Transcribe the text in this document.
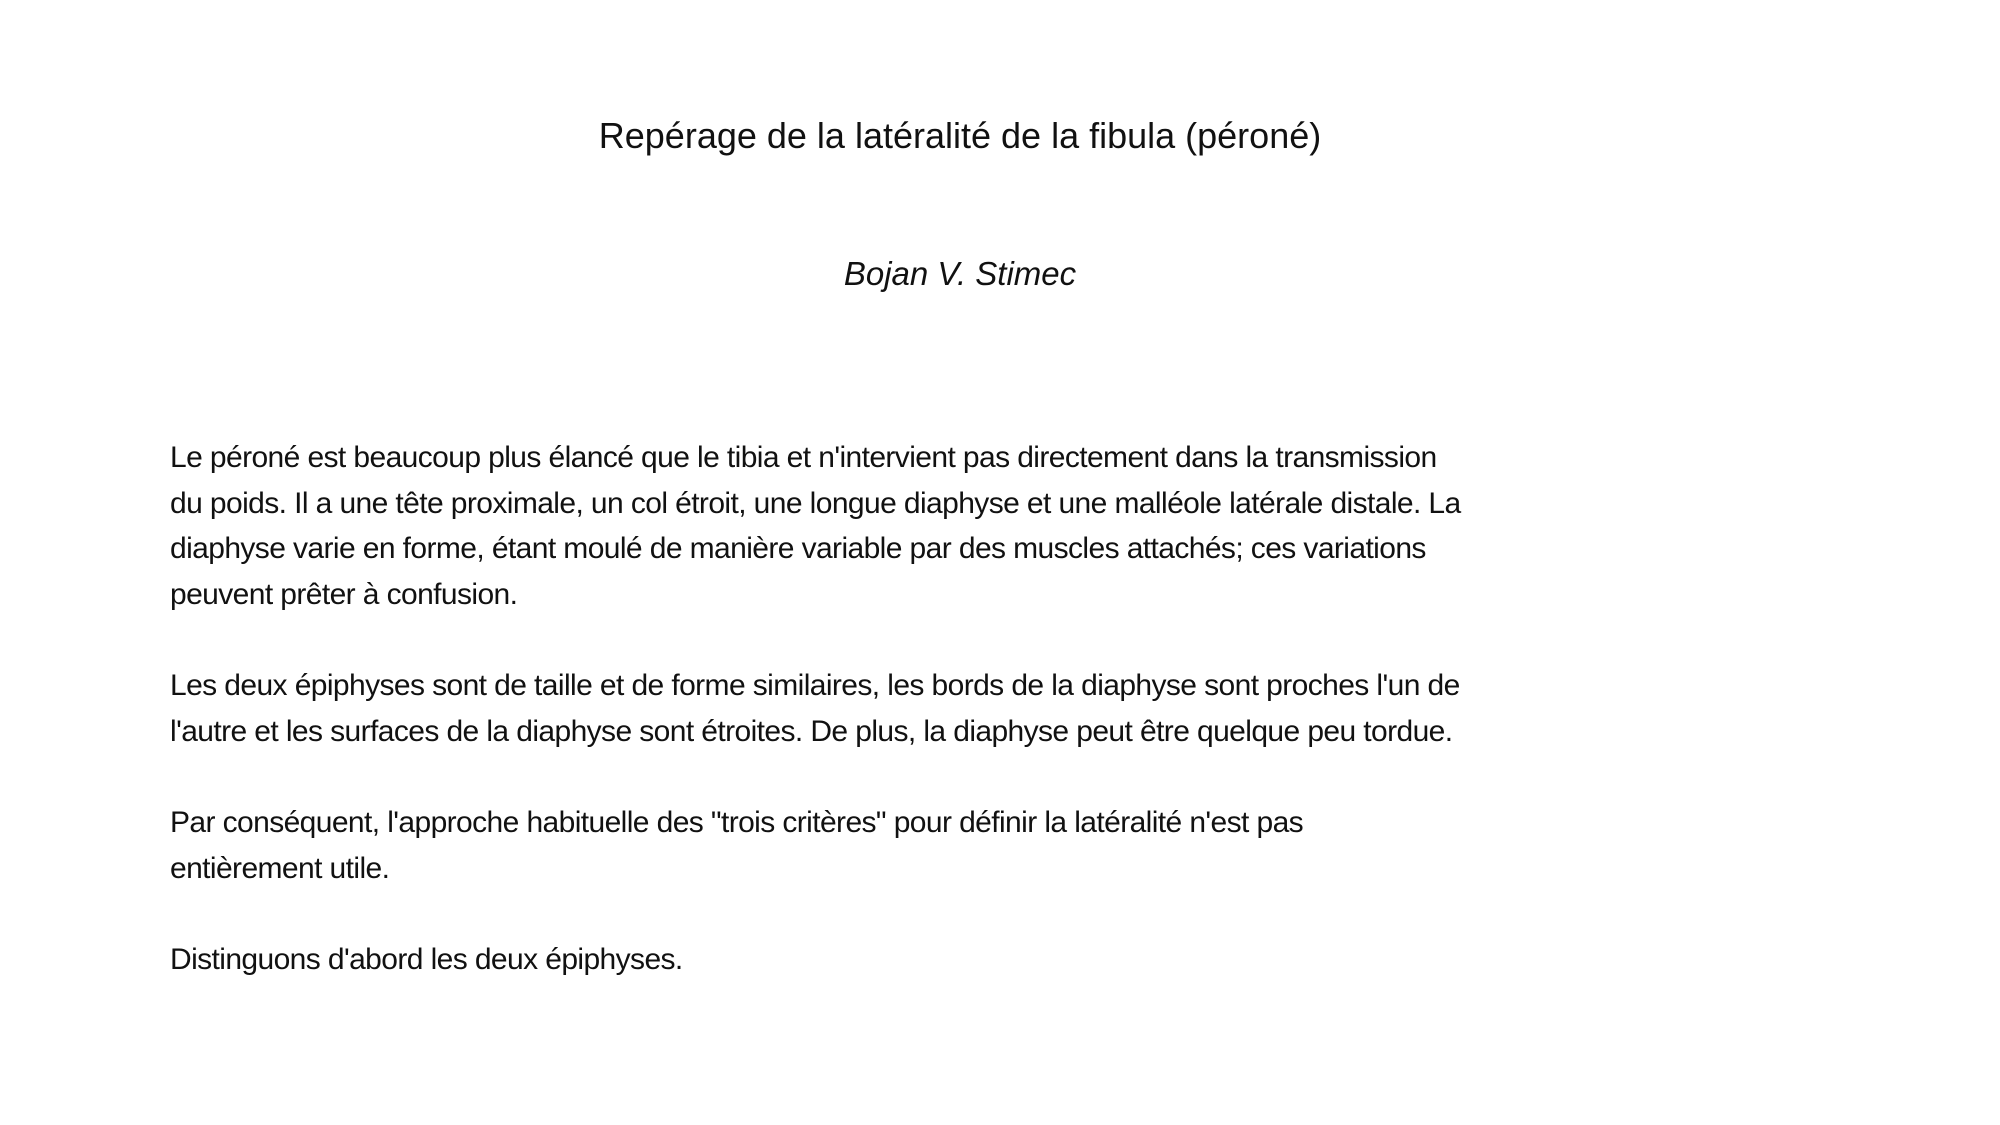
Repérage de la latéralité de la fibula (péroné)
Bojan V. Stimec
Le péroné est beaucoup plus élancé que le tibia et n'intervient pas directement dans la transmission
du poids. Il a une tête proximale, un col étroit, une longue diaphyse et une malléole latérale distale. La
diaphyse varie en forme, étant moulé de manière variable par des muscles attachés; ces variations
peuvent prêter à confusion.
Les deux épiphyses sont de taille et de forme similaires, les bords de la diaphyse sont proches l'un de
l'autre et les surfaces de la diaphyse sont étroites. De plus, la diaphyse peut être quelque peu tordue.
Par conséquent, l'approche habituelle des "trois critères" pour définir la latéralité n'est pas
entièrement utile.
Distinguons d'abord les deux épiphyses.
